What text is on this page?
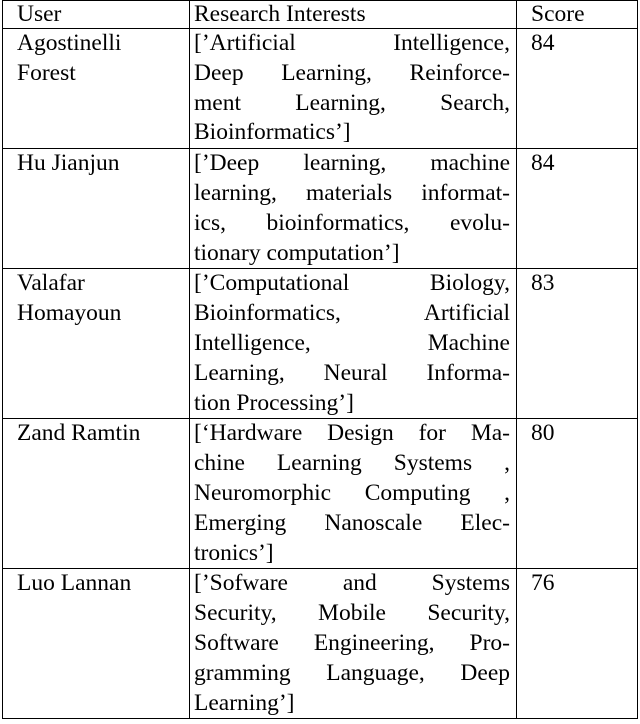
User	Research Interests	Score

Agostinelli
Forest	[’Artificial Intelligence,
Deep Learning, Reinforce-
ment Learning, Search,
Bioinformatics’]	84

Hu Jianjun	[’Deep learning, machine
learning, materials informat-
ics, bioinformatics, evolu-
tionary computation’]	84

Valafar
Homayoun	[’Computational Biology,
Bioinformatics, Artificial
Intelligence, Machine
Learning, Neural Informa-
tion Processing’]	83

Zand Ramtin	[‘Hardware Design for Ma-
chine Learning Systems ,
Neuromorphic Computing ,
Emerging Nanoscale Elec-
tronics’]	80

Luo Lannan	[’Sofware and Systems
Security, Mobile Security,
Software Engineering, Pro-
gramming Language, Deep
Learning’]	76
